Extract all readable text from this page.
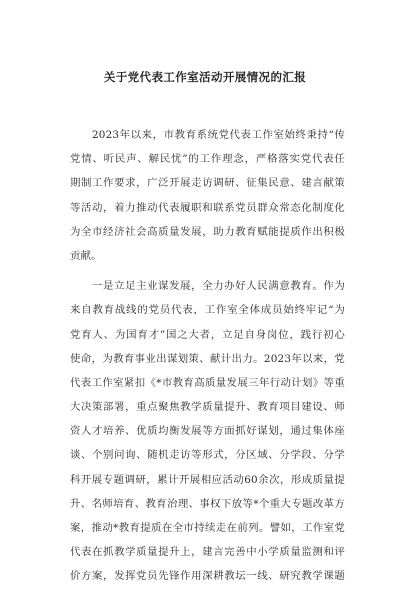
关于党代表工作室活动开展情况的汇报
　　2023年以来，市教育系统党代表工作室始终秉持“传
党情、听民声、解民忧”的工作理念，严格落实党代表任
期制工作要求，广泛开展走访调研、征集民意、建言献策
等活动，着力推动代表履职和联系党员群众常态化制度化
为全市经济社会高质量发展，助力教育赋能提质作出积极
贡献。
　　一是立足主业谋发展，全力办好人民满意教育。作为
来自教育战线的党员代表，工作室全体成员始终牢记“为
党育人、为国育才”国之大者，立足自身岗位，践行初心
使命，为教育事业出谋划策、献计出力。2023年以来，党
代表工作室紧扣《*市教育高质量发展三年行动计划》等重
大决策部署，重点聚焦教学质量提升、教育项目建设、师
资人才培养、优质均衡发展等方面抓好谋划，通过集体座
谈、个别问询、随机走访等形式，分区域、分学段、分学
科开展专题调研，累计开展相应活动60余次，形成质量提
升、名师培育、教育治理、事权下放等*个重大专题改革方
案，推动*教育提质在全市持续走在前列。譬如，工作室党
代表在抓教学质量提升上，建言完善中小学质量监测和评
价方案，发挥党员先锋作用深耕教坛一线、研究教学课题
